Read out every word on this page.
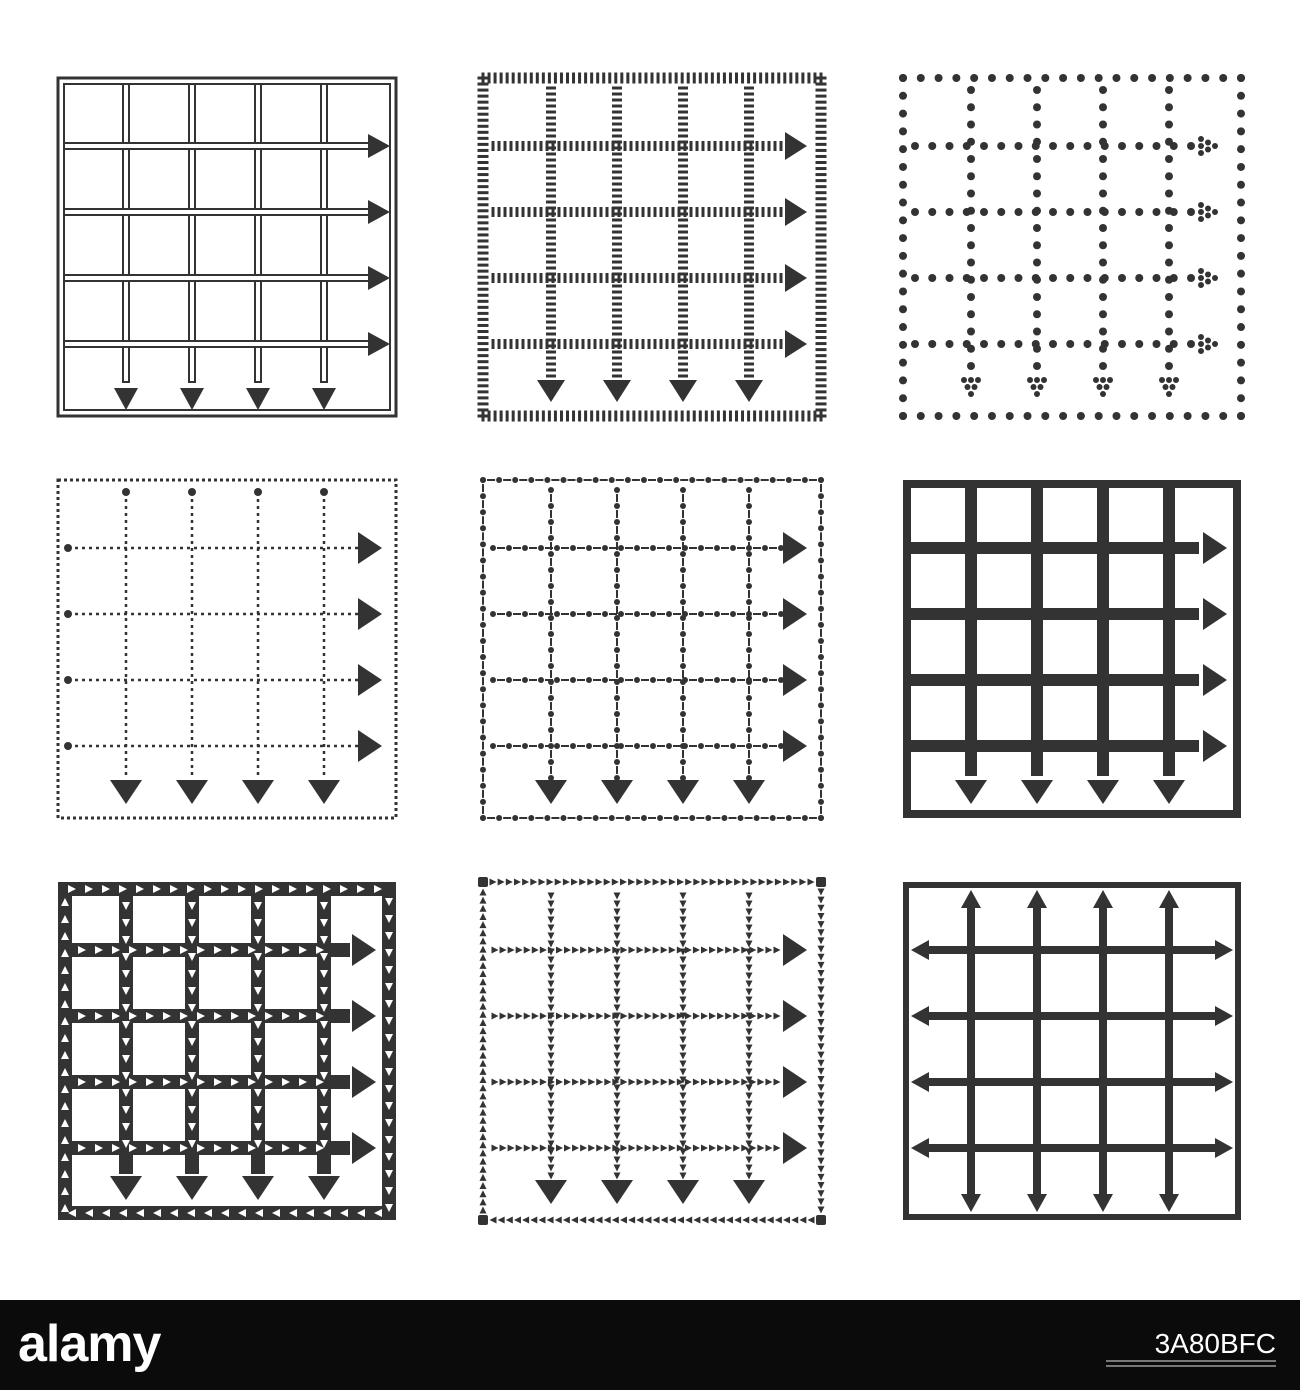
alamy	3A80BFC
